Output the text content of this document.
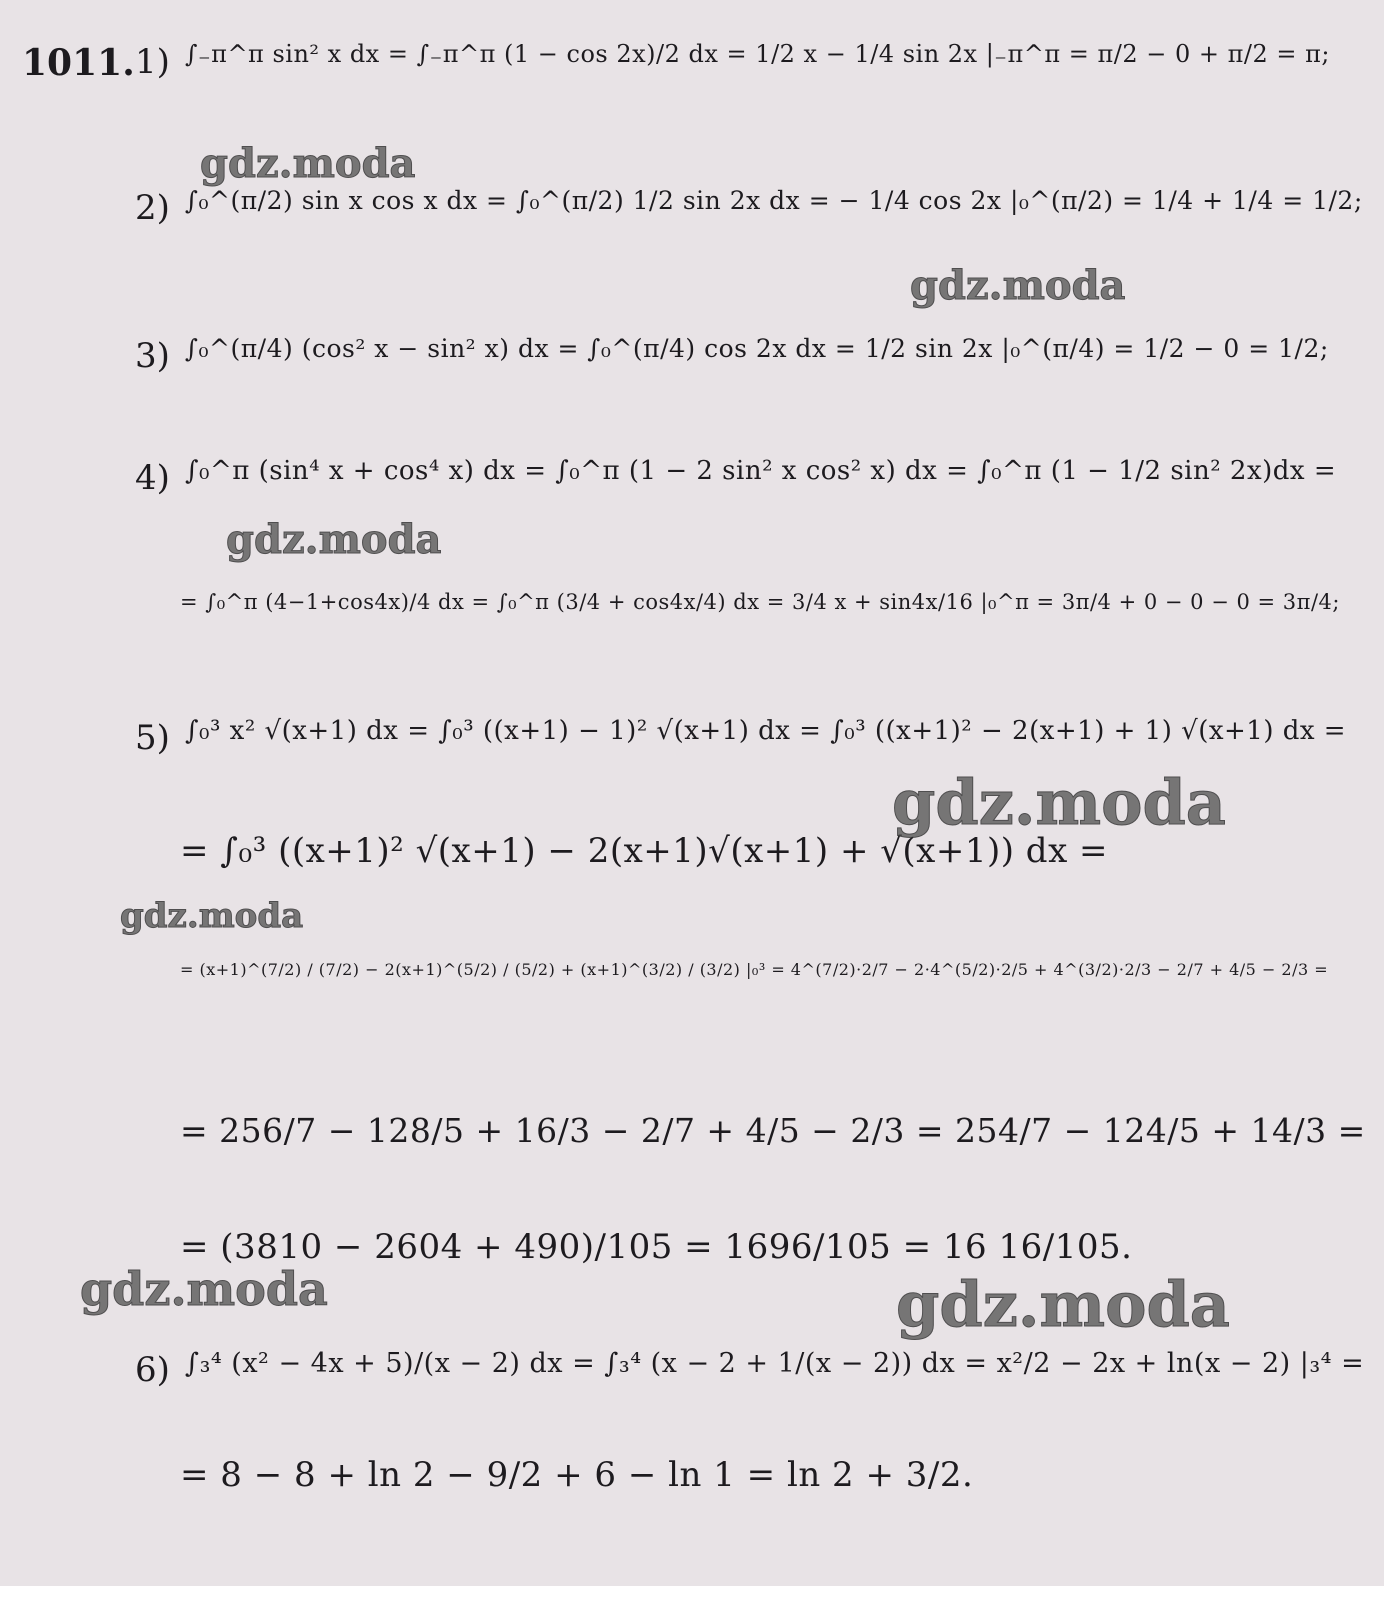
1011. 1) ∫₋π^π sin² x dx = ∫₋π^π (1 − cos 2x)/2 dx = 1/2 x − 1/4 sin 2x |₋π^π = π/2 − 0 + π/2 = π;
2) ∫₀^(π/2) sin x cos x dx = ∫₀^(π/2) 1/2 sin 2x dx = − 1/4 cos 2x |₀^(π/2) = 1/4 + 1/4 = 1/2;
3) ∫₀^(π/4) (cos² x − sin² x) dx = ∫₀^(π/4) cos 2x dx = 1/2 sin 2x |₀^(π/4) = 1/2 − 0 = 1/2;
4) ∫₀^π (sin⁴ x + cos⁴ x) dx = ∫₀^π (1 − 2 sin² x cos² x) dx = ∫₀^π (1 − 1/2 sin² 2x)dx =
= ∫₀^π (4−1+cos4x)/4 dx = ∫₀^π (3/4 + cos4x/4) dx = 3/4 x + sin4x/16 |₀^π = 3π/4 + 0 − 0 − 0 = 3π/4;
5) ∫₀³ x² √(x+1) dx = ∫₀³ ((x+1) − 1)² √(x+1) dx = ∫₀³ ((x+1)² − 2(x+1) + 1) √(x+1) dx =
= ∫₀³ ((x+1)² √(x+1) − 2(x+1)√(x+1) + √(x+1)) dx =
= (x+1)^(7/2) / (7/2) − 2(x+1)^(5/2) / (5/2) + (x+1)^(3/2) / (3/2) |₀³ = 4^(7/2)·2/7 − 2·4^(5/2)·2/5 + 4^(3/2)·2/3 − 2/7 + 4/5 − 2/3 =
= 256/7 − 128/5 + 16/3 − 2/7 + 4/5 − 2/3 = 254/7 − 124/5 + 14/3 =
= (3810 − 2604 + 490)/105 = 1696/105 = 16 16/105.
6) ∫₃⁴ (x² − 4x + 5)/(x − 2) dx = ∫₃⁴ (x − 2 + 1/(x − 2)) dx = x²/2 − 2x + ln(x − 2) |₃⁴ =
= 8 − 8 + ln 2 − 9/2 + 6 − ln 1 = ln 2 + 3/2.
gdz.moda
gdz.moda
gdz.moda
gdz.moda
gdz.moda
gdz.moda	gdz.moda
